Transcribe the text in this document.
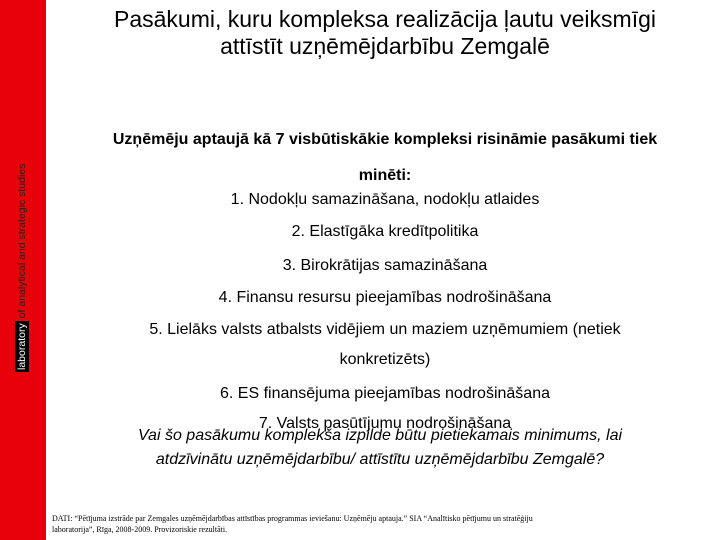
laboratory
of analytical and strategic studies
Pasākumi, kuru kompleksa realizācija ļautu veiksmīgi
attīstīt uzņēmējdarbību Zemgalē
Uzņēmēju aptaujā kā 7 visbūtiskākie kompleksi risināmie pasākumi tiek
minēti:
1. Nodokļu samazināšana, nodokļu atlaides
2. Elastīgāka kredītpolitika
3. Birokrātijas samazināšana
4. Finansu resursu pieejamības nodrošināšana
5. Lielāks valsts atbalsts vidējiem un maziem uzņēmumiem (netiek
konkretizēts)
6. ES finansējuma pieejamības nodrošināšana
7. Valsts pasūtījumu nodrošināšana
Vai šo pasākumu komplekša izpilde būtu pietiekamais minimums, lai
atdzīvinātu uzņēmējdarbību/ attīstītu uzņēmējdarbību Zemgalē?
DATI: “Pētījuma izstrāde par Zemgales uzņēmējdarbības attīstības programmas ieviešanu: Uzņēmēju aptauja.” SIA “Analītisko pētījumu un stratēģiju
laboratorija”, Rīga, 2008-2009. Provizoriskie rezultāti.
